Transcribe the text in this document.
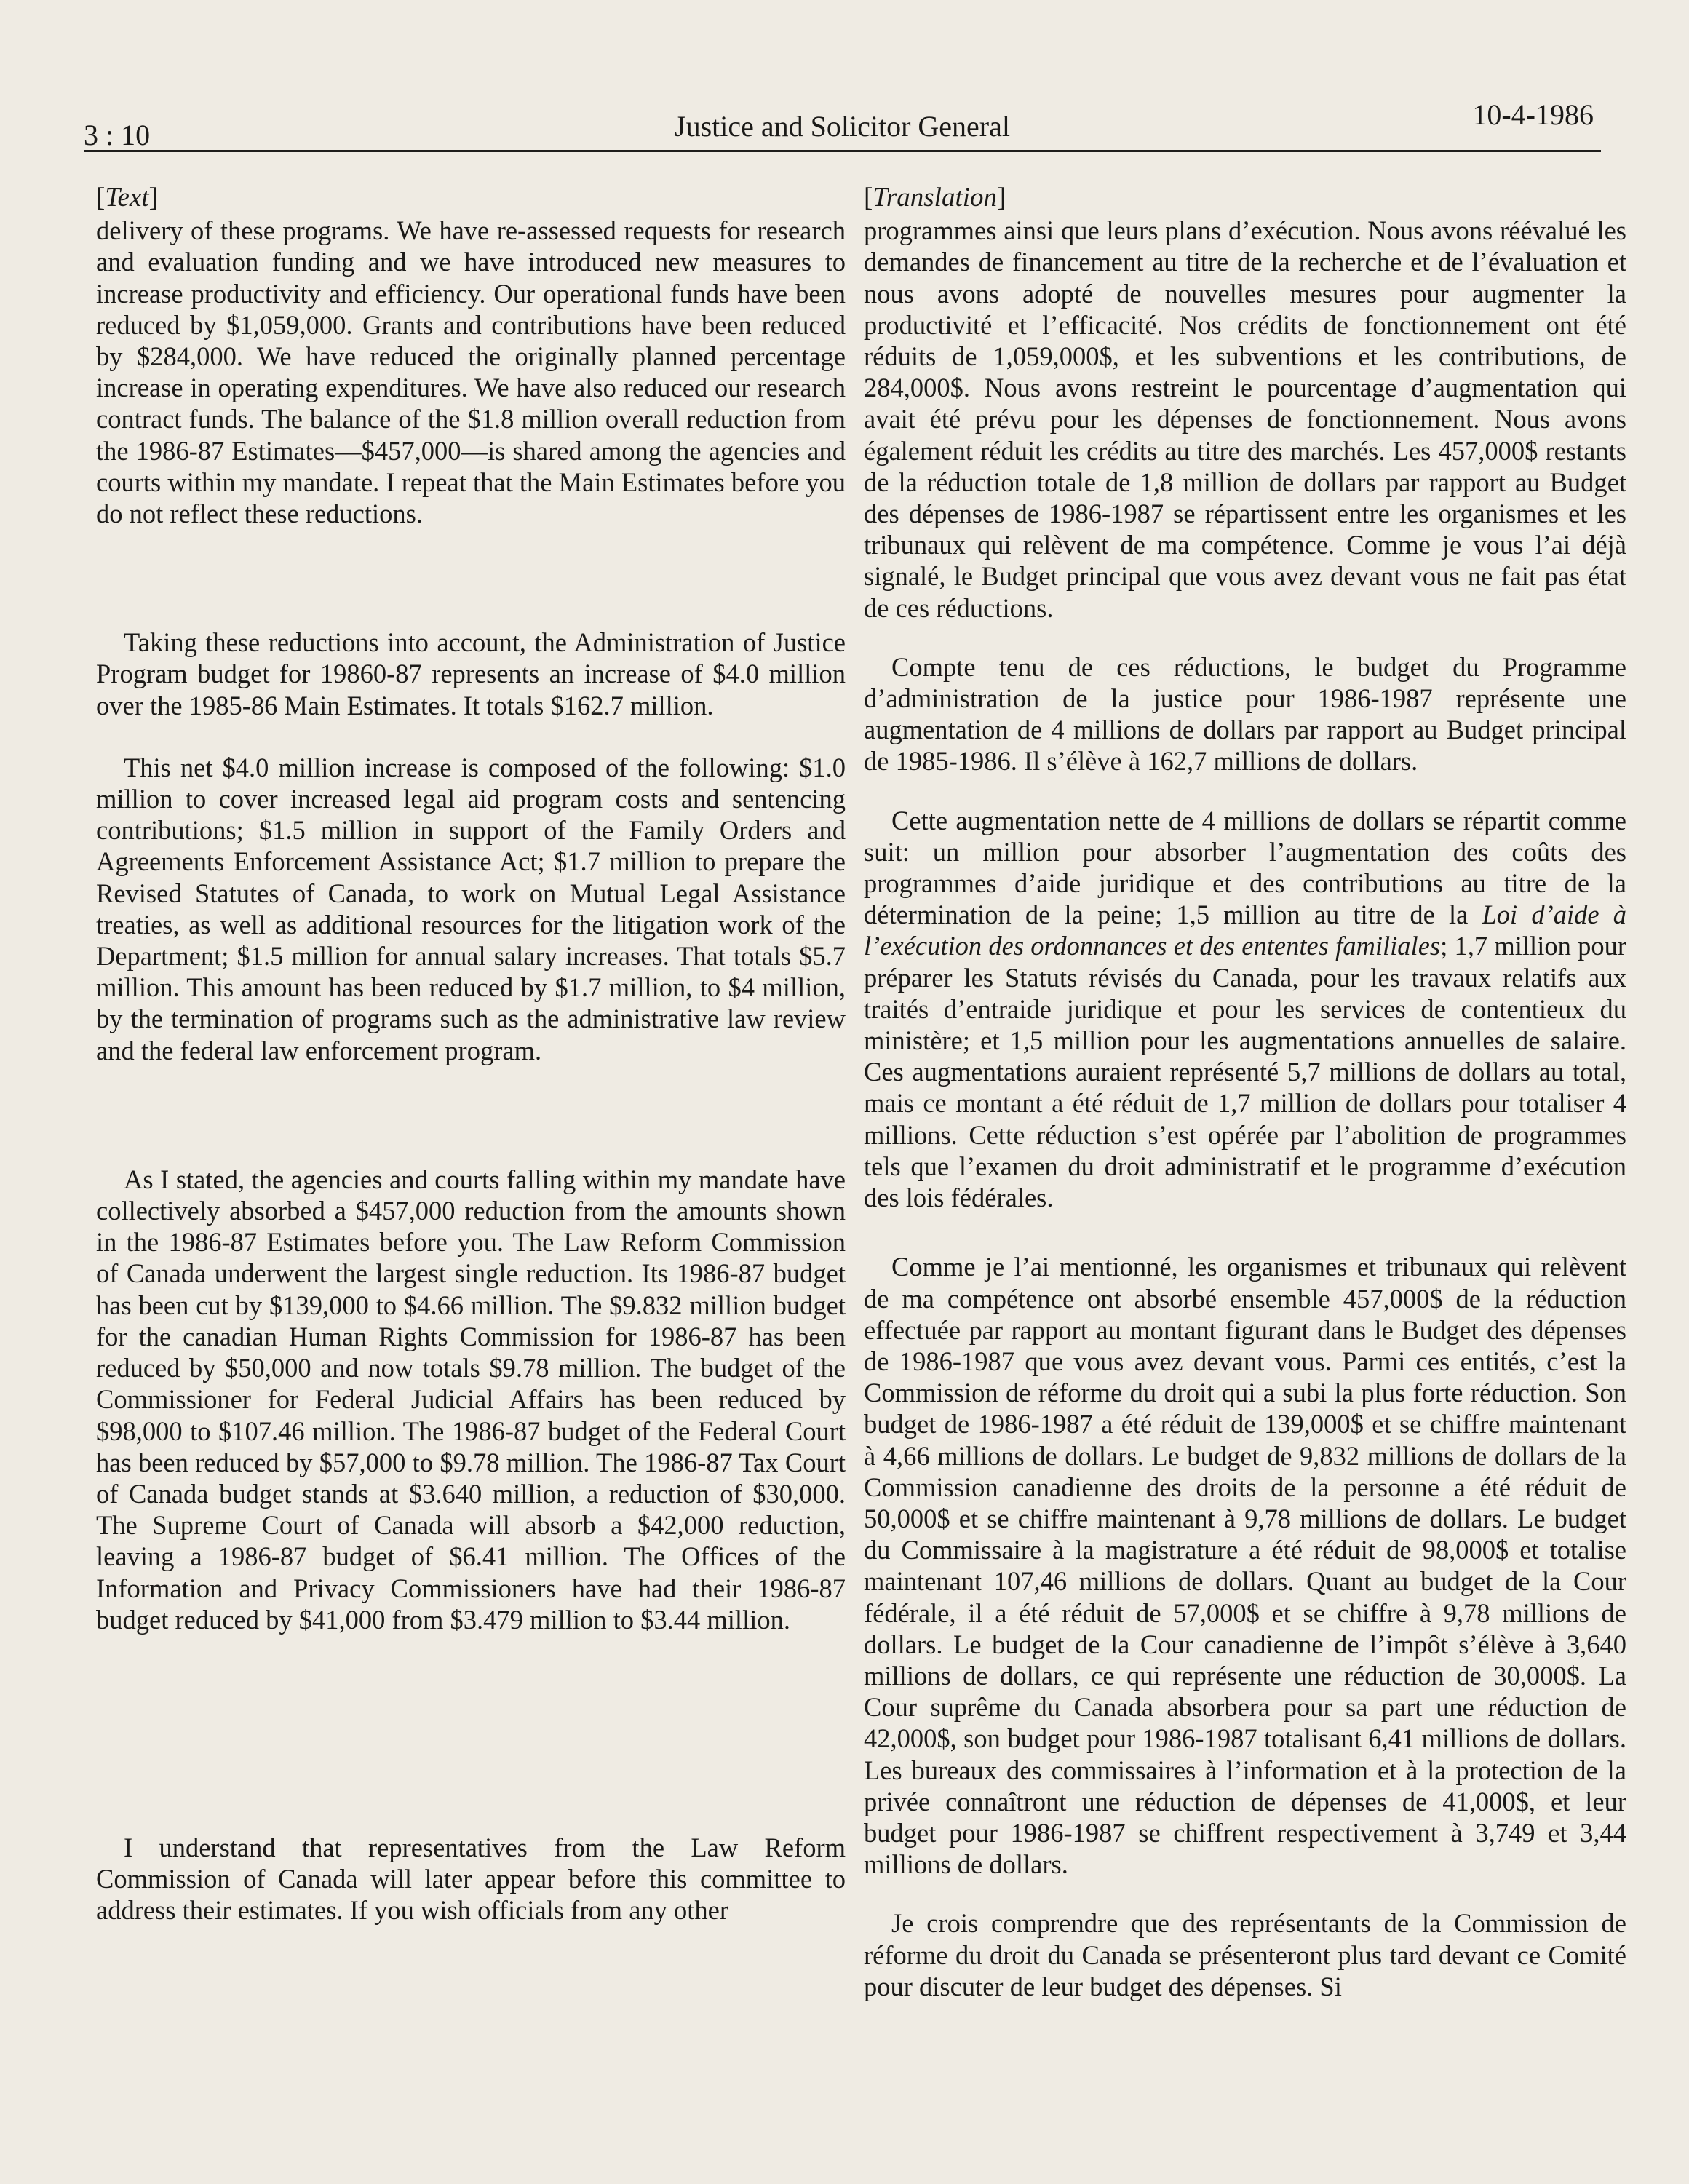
3 : 10	Justice and Solicitor General	10-4-1986
[Text]

delivery of these programs. We have re-assessed requests for research and evaluation funding and we have introduced new measures to increase productivity and efficiency. Our operational funds have been reduced by $1,059,000. Grants and contributions have been reduced by $284,000. We have reduced the originally planned percentage increase in operating expenditures. We have also reduced our research contract funds. The balance of the $1.8 million overall reduction from the 1986-87 Estimates—$457,000—is shared among the agencies and courts within my mandate. I repeat that the Main Estimates before you do not reflect these reductions.

Taking these reductions into account, the Administration of Justice Program budget for 19860-87 represents an increase of $4.0 million over the 1985-86 Main Estimates. It totals $162.7 million.

This net $4.0 million increase is composed of the following: $1.0 million to cover increased legal aid program costs and sentencing contributions; $1.5 million in support of the Family Orders and Agreements Enforcement Assistance Act; $1.7 million to prepare the Revised Statutes of Canada, to work on Mutual Legal Assistance treaties, as well as additional resources for the litigation work of the Department; $1.5 million for annual salary increases. That totals $5.7 million. This amount has been reduced by $1.7 million, to $4 million, by the termination of programs such as the administrative law review and the federal law enforcement program.

As I stated, the agencies and courts falling within my mandate have collectively absorbed a $457,000 reduction from the amounts shown in the 1986-87 Estimates before you. The Law Reform Commission of Canada underwent the largest single reduction. Its 1986-87 budget has been cut by $139,000 to $4.66 million. The $9.832 million budget for the canadian Human Rights Commission for 1986-87 has been reduced by $50,000 and now totals $9.78 million. The budget of the Commissioner for Federal Judicial Affairs has been reduced by $98,000 to $107.46 million. The 1986-87 budget of the Federal Court has been reduced by $57,000 to $9.78 million. The 1986-87 Tax Court of Canada budget stands at $3.640 million, a reduction of $30,000. The Supreme Court of Canada will absorb a $42,000 reduction, leaving a 1986-87 budget of $6.41 million. The Offices of the Information and Privacy Commissioners have had their 1986-87 budget reduced by $41,000 from $3.479 million to $3.44 million.

I understand that representatives from the Law Reform Commission of Canada will later appear before this committee to address their estimates. If you wish officials from any other

[Translation]

programmes ainsi que leurs plans d’exécution. Nous avons réévalué les demandes de financement au titre de la recherche et de l’évaluation et nous avons adopté de nouvelles mesures pour augmenter la productivité et l’efficacité. Nos crédits de fonctionnement ont été réduits de 1,059,000$, et les subventions et les contributions, de 284,000$. Nous avons restreint le pourcentage d’augmentation qui avait été prévu pour les dépenses de fonctionnement. Nous avons également réduit les crédits au titre des marchés. Les 457,000$ restants de la réduction totale de 1,8 million de dollars par rapport au Budget des dépenses de 1986-1987 se répartissent entre les organismes et les tribunaux qui relèvent de ma compétence. Comme je vous l’ai déjà signalé, le Budget principal que vous avez devant vous ne fait pas état de ces réductions.

Compte tenu de ces réductions, le budget du Programme d’administration de la justice pour 1986-1987 représente une augmentation de 4 millions de dollars par rapport au Budget principal de 1985-1986. Il s’élève à 162,7 millions de dollars.

Cette augmentation nette de 4 millions de dollars se répartit comme suit: un million pour absorber l’augmentation des coûts des programmes d’aide juridique et des contributions au titre de la détermination de la peine; 1,5 million au titre de la Loi d’aide à l’exécution des ordonnances et des ententes familiales; 1,7 million pour préparer les Statuts révisés du Canada, pour les travaux relatifs aux traités d’entraide juridique et pour les services de contentieux du ministère; et 1,5 million pour les augmentations annuelles de salaire. Ces augmentations auraient représenté 5,7 millions de dollars au total, mais ce montant a été réduit de 1,7 million de dollars pour totaliser 4 millions. Cette réduction s’est opérée par l’abolition de programmes tels que l’examen du droit administratif et le programme d’exécution des lois fédérales.

Comme je l’ai mentionné, les organismes et tribunaux qui relèvent de ma compétence ont absorbé ensemble 457,000$ de la réduction effectuée par rapport au montant figurant dans le Budget des dépenses de 1986-1987 que vous avez devant vous. Parmi ces entités, c’est la Commission de réforme du droit qui a subi la plus forte réduction. Son budget de 1986-1987 a été réduit de 139,000$ et se chiffre maintenant à 4,66 millions de dollars. Le budget de 9,832 millions de dollars de la Commission canadienne des droits de la personne a été réduit de 50,000$ et se chiffre maintenant à 9,78 millions de dollars. Le budget du Commissaire à la magistrature a été réduit de 98,000$ et totalise maintenant 107,46 millions de dollars. Quant au budget de la Cour fédérale, il a été réduit de 57,000$ et se chiffre à 9,78 millions de dollars. Le budget de la Cour canadienne de l’impôt s’élève à 3,640 millions de dollars, ce qui représente une réduction de 30,000$. La Cour suprême du Canada absorbera pour sa part une réduction de 42,000$, son budget pour 1986-1987 totalisant 6,41 millions de dollars. Les bureaux des commissaires à l’information et à la protection de la privée connaîtront une réduction de dépenses de 41,000$, et leur budget pour 1986-1987 se chiffrent respectivement à 3,749 et 3,44 millions de dollars.

Je crois comprendre que des représentants de la Commission de réforme du droit du Canada se présenteront plus tard devant ce Comité pour discuter de leur budget des dépenses. Si
